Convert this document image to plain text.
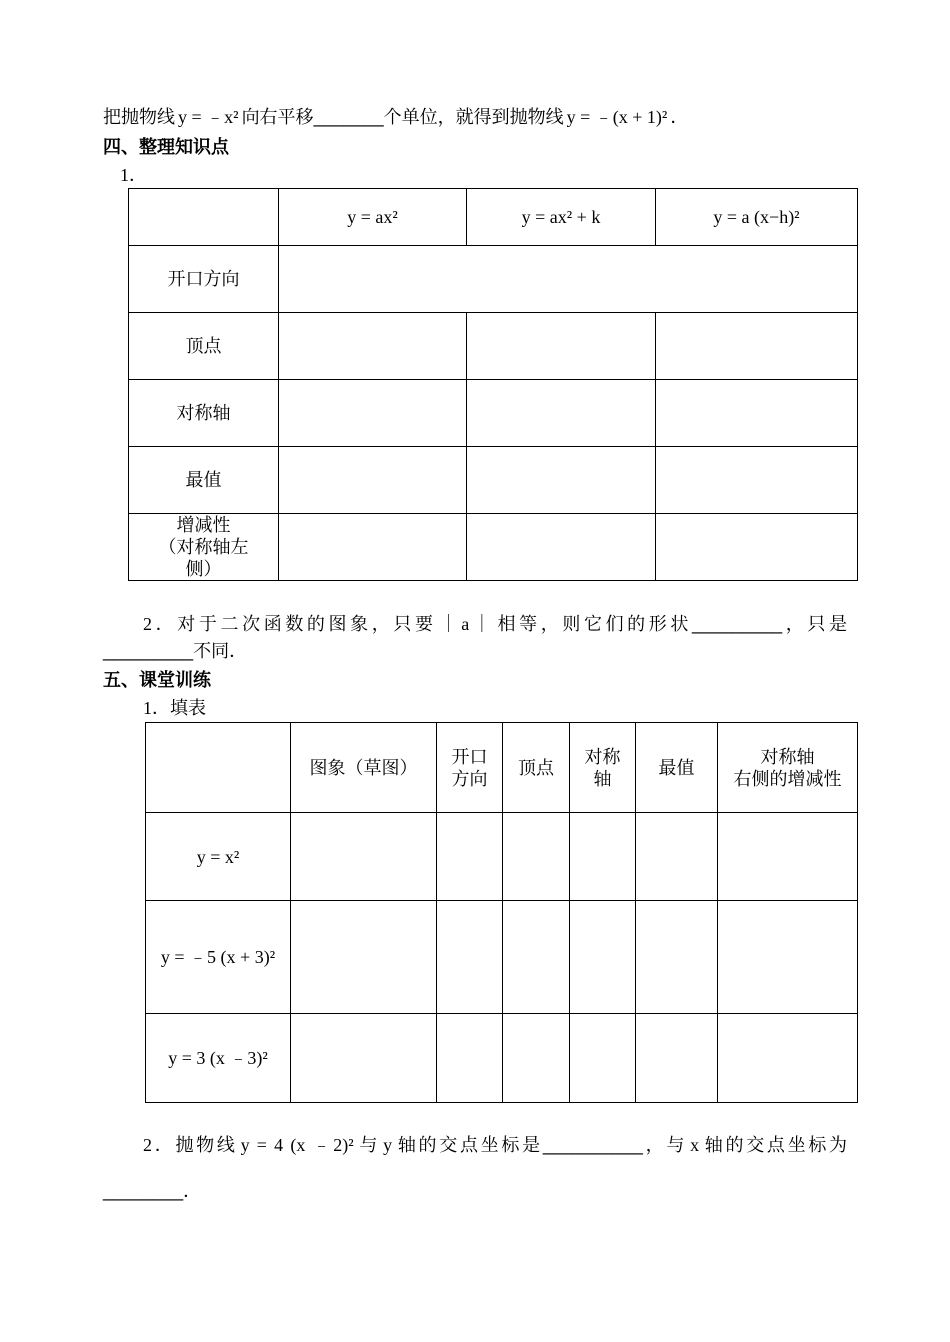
把抛物线 y = ﹣x² 向右平移_______个单位，就得到抛物线 y = ﹣(x + 1)² ．
四、整理知识点
1．

	y = ax²	y = ax² + k	y = a (x−h)²

开口方向			

顶点			

对称轴			

最值			

增减性
（对称轴左
侧）			

2．对于二次函数的图象，只要 ｜a｜ 相等，则它们的形状_________，只是
_________不同．
五、课堂训练
1．填表

	图象（草图）	开口
方向	顶点	对称
轴	最值	对称轴
右侧的增减性

y = x²						

y = ﹣5 (x + 3)²						

y = 3 (x ﹣3)²						

2．抛物线 y = 4 (x ﹣2)² 与 y 轴的交点坐标是__________，与 x 轴的交点坐标为
________．
